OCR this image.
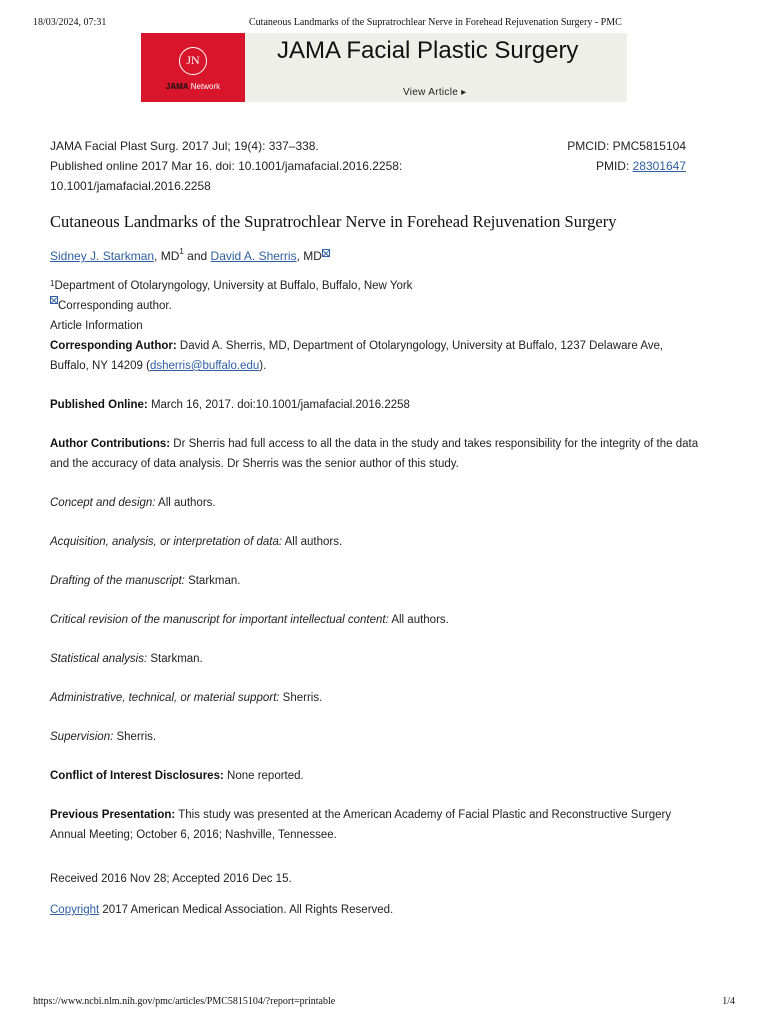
18/03/2024, 07:31	Cutaneous Landmarks of the Supratrochlear Nerve in Forehead Rejuvenation Surgery - PMC
JN
JAMA Network
JAMA Facial Plastic Surgery
View Article ▸
JAMA Facial Plast Surg. 2017 Jul; 19(4): 337–338.
Published online 2017 Mar 16. doi: 10.1001/jamafacial.2016.2258:
10.1001/jamafacial.2016.2258
PMCID: PMC5815104
PMID: 28301647
Cutaneous Landmarks of the Supratrochlear Nerve in Forehead Rejuvenation Surgery
Sidney J. Starkman, $MD^1$ and David A. Sherris, MD

$^1$Department of Otolaryngology, University at Buffalo, Buffalo, New York

Corresponding author.

Article Information

Corresponding Author: David A. Sherris, MD, Department of Otolaryngology, University at Buffalo, 1237 Delaware Ave, Buffalo, NY 14209 (dsherris@buffalo.edu).

Published Online: March 16, 2017. doi:10.1001/jamafacial.2016.2258

Author Contributions: Dr Sherris had full access to all the data in the study and takes responsibility for the integrity of the data and the accuracy of data analysis. Dr Sherris was the senior author of this study.

Concept and design: All authors.

Acquisition, analysis, or interpretation of data: All authors.

Drafting of the manuscript: Starkman.

Critical revision of the manuscript for important intellectual content: All authors.

Statistical analysis: Starkman.

Administrative, technical, or material support: Sherris.

Supervision: Sherris.

Conflict of Interest Disclosures: None reported.

Previous Presentation: This study was presented at the American Academy of Facial Plastic and Reconstructive Surgery Annual Meeting; October 6, 2016; Nashville, Tennessee.

Received 2016 Nov 28; Accepted 2016 Dec 15.

Copyright 2017 American Medical Association. All Rights Reserved.

https://www.ncbi.nlm.nih.gov/pmc/articles/PMC5815104/?report=printable	1/4
